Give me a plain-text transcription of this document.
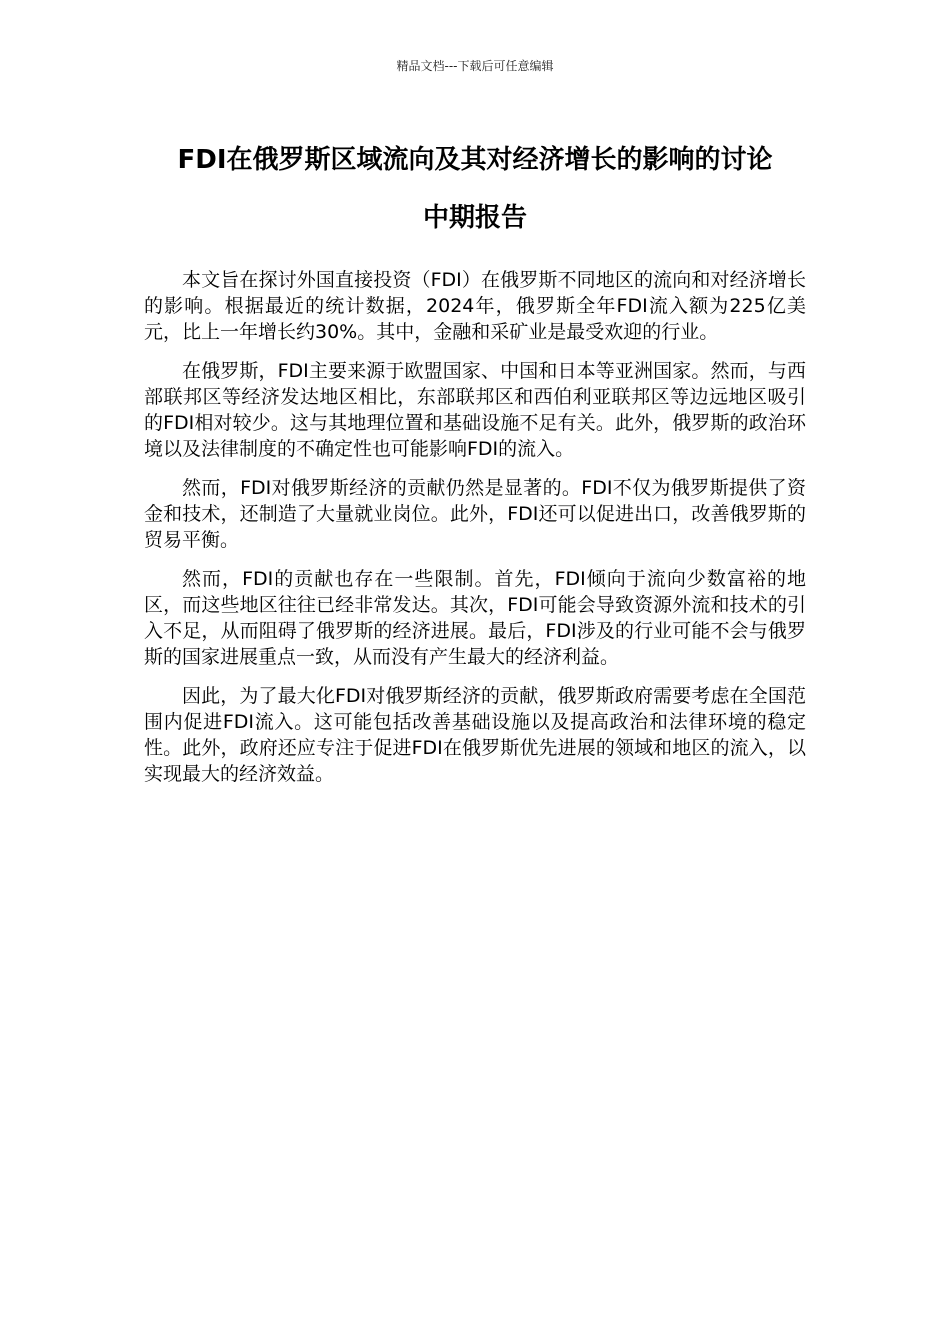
精品文档---下载后可任意编辑
FDI在俄罗斯区域流向及其对经济增长的影响的讨论
中期报告

本文旨在探讨外国直接投资（FDI）在俄罗斯不同地区的流向和对经济增长的影响。根据最近的统计数据，2024年，俄罗斯全年FDI流入额为225亿美元，比上一年增长约30%。其中，金融和采矿业是最受欢迎的行业。

在俄罗斯，FDI主要来源于欧盟国家、中国和日本等亚洲国家。然而，与西部联邦区等经济发达地区相比，东部联邦区和西伯利亚联邦区等边远地区吸引的FDI相对较少。这与其地理位置和基础设施不足有关。此外，俄罗斯的政治环境以及法律制度的不确定性也可能影响FDI的流入。

然而，FDI对俄罗斯经济的贡献仍然是显著的。FDI不仅为俄罗斯提供了资金和技术，还制造了大量就业岗位。此外，FDI还可以促进出口，改善俄罗斯的贸易平衡。

然而，FDI的贡献也存在一些限制。首先，FDI倾向于流向少数富裕的地区，而这些地区往往已经非常发达。其次，FDI可能会导致资源外流和技术的引入不足，从而阻碍了俄罗斯的经济进展。最后，FDI涉及的行业可能不会与俄罗斯的国家进展重点一致，从而没有产生最大的经济利益。

因此，为了最大化FDI对俄罗斯经济的贡献，俄罗斯政府需要考虑在全国范围内促进FDI流入。这可能包括改善基础设施以及提高政治和法律环境的稳定性。此外，政府还应专注于促进FDI在俄罗斯优先进展的领域和地区的流入，以实现最大的经济效益。
